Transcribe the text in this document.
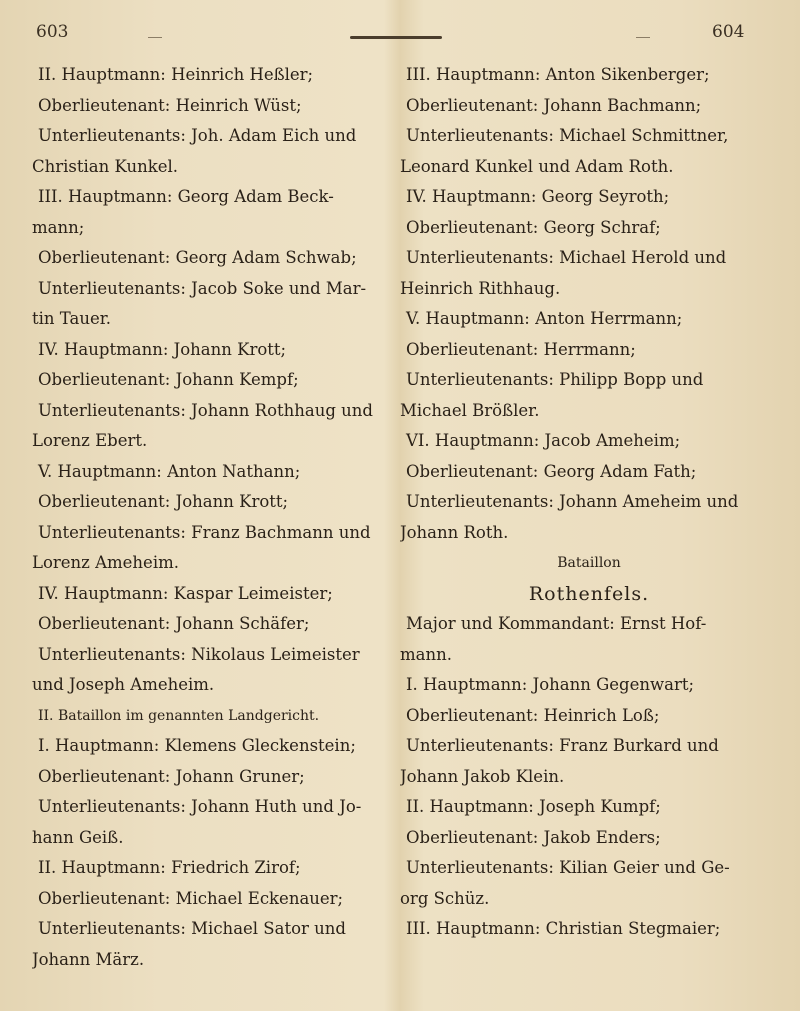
603	604
II. Hauptmann: Heinrich Heßler;
Oberlieutenant: Heinrich Wüst;
Unterlieutenants: Joh. Adam Eich und
Christian Kunkel.
III. Hauptmann: Georg Adam Beck-
mann;
Oberlieutenant: Georg Adam Schwab;
Unterlieutenants: Jacob Soke und Mar-
tin Tauer.
IV. Hauptmann: Johann Krott;
Oberlieutenant: Johann Kempf;
Unterlieutenants: Johann Rothhaug und
Lorenz Ebert.
V. Hauptmann: Anton Nathann;
Oberlieutenant: Johann Krott;
Unterlieutenants: Franz Bachmann und
Lorenz Ameheim.
IV. Hauptmann: Kaspar Leimeister;
Oberlieutenant: Johann Schäfer;
Unterlieutenants: Nikolaus Leimeister
und Joseph Ameheim.
II. Bataillon im genannten Landgericht.
I. Hauptmann: Klemens Gleckenstein;
Oberlieutenant: Johann Gruner;
Unterlieutenants: Johann Huth und Jo-
hann Geiß.
II. Hauptmann: Friedrich Zirof;
Oberlieutenant: Michael Eckenauer;
Unterlieutenants: Michael Sator und
Johann März.
III. Hauptmann: Anton Sikenberger;
Oberlieutenant: Johann Bachmann;
Unterlieutenants: Michael Schmittner,
Leonard Kunkel und Adam Roth.
IV. Hauptmann: Georg Seyroth;
Oberlieutenant: Georg Schraf;
Unterlieutenants: Michael Herold und
Heinrich Rithhaug.
V. Hauptmann: Anton Herrmann;
Oberlieutenant: Herrmann;
Unterlieutenants: Philipp Bopp und
Michael Brößler.
VI. Hauptmann: Jacob Ameheim;
Oberlieutenant: Georg Adam Fath;
Unterlieutenants: Johann Ameheim und
Johann Roth.
Bataillon
Rothenfels.
Major und Kommandant: Ernst Hof-
mann.
I. Hauptmann: Johann Gegenwart;
Oberlieutenant: Heinrich Loß;
Unterlieutenants: Franz Burkard und
Johann Jakob Klein.
II. Hauptmann: Joseph Kumpf;
Oberlieutenant: Jakob Enders;
Unterlieutenants: Kilian Geier und Ge-
org Schüz.
III. Hauptmann: Christian Stegmaier;
